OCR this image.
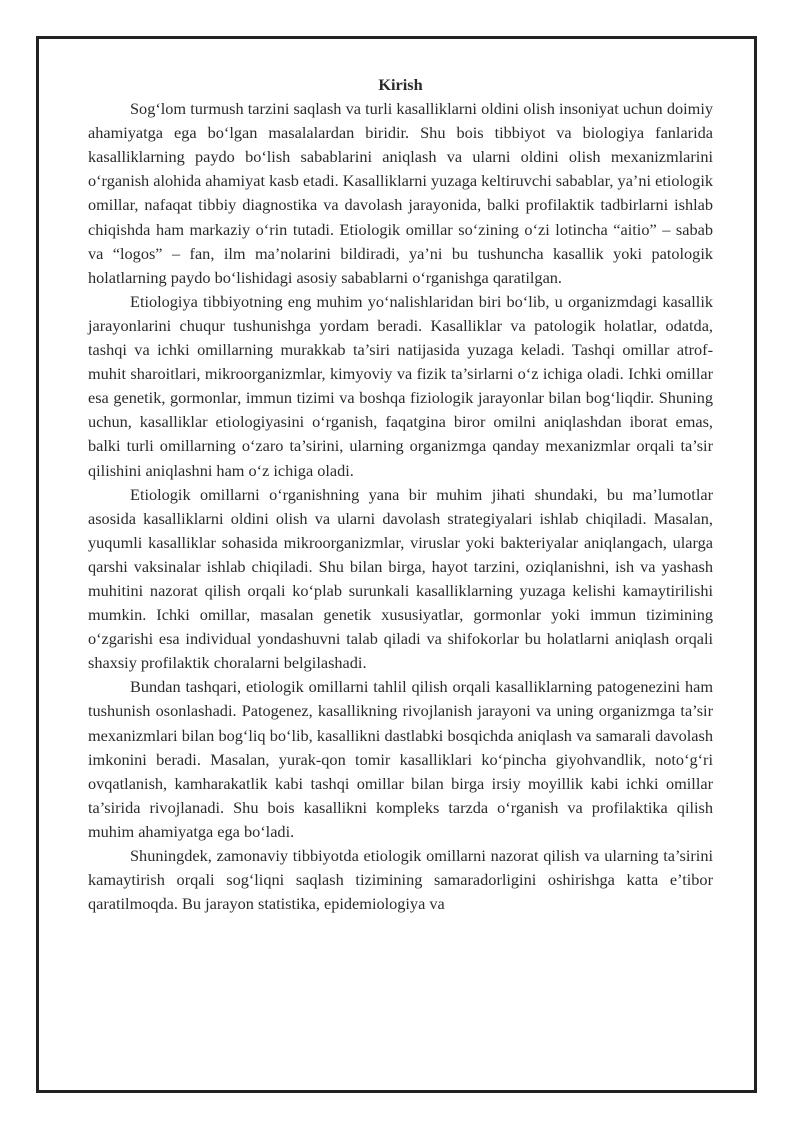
Kirish

Sog‘lom turmush tarzini saqlash va turli kasalliklarni oldini olish insoniyat uchun doimiy ahamiyatga ega bo‘lgan masalalardan biridir. Shu bois tibbiyot va biologiya fanlarida kasalliklarning paydo bo‘lish sabablarini aniqlash va ularni oldini olish mexanizmlarini o‘rganish alohida ahamiyat kasb etadi. Kasalliklarni yuzaga keltiruvchi sabablar, ya’ni etiologik omillar, nafaqat tibbiy diagnostika va davolash jarayonida, balki profilaktik tadbirlarni ishlab chiqishda ham markaziy o‘rin tutadi. Etiologik omillar so‘zining o‘zi lotincha “aitio” – sabab va “logos” – fan, ilm ma’nolarini bildiradi, ya’ni bu tushuncha kasallik yoki patologik holatlarning paydo bo‘lishidagi asosiy sabablarni o‘rganishga qaratilgan.

Etiologiya tibbiyotning eng muhim yo‘nalishlaridan biri bo‘lib, u organizmdagi kasallik jarayonlarini chuqur tushunishga yordam beradi. Kasalliklar va patologik holatlar, odatda, tashqi va ichki omillarning murakkab ta’siri natijasida yuzaga keladi. Tashqi omillar atrof-muhit sharoitlari, mikroorganizmlar, kimyoviy va fizik ta’sirlarni o‘z ichiga oladi. Ichki omillar esa genetik, gormonlar, immun tizimi va boshqa fiziologik jarayonlar bilan bog‘liqdir. Shuning uchun, kasalliklar etiologiyasini o‘rganish, faqatgina biror omilni aniqlashdan iborat emas, balki turli omillarning o‘zaro ta’sirini, ularning organizmga qanday mexanizmlar orqali ta’sir qilishini aniqlashni ham o‘z ichiga oladi.

Etiologik omillarni o‘rganishning yana bir muhim jihati shundaki, bu ma’lumotlar asosida kasalliklarni oldini olish va ularni davolash strategiyalari ishlab chiqiladi. Masalan, yuqumli kasalliklar sohasida mikroorganizmlar, viruslar yoki bakteriyalar aniqlangach, ularga qarshi vaksinalar ishlab chiqiladi. Shu bilan birga, hayot tarzini, oziqlanishni, ish va yashash muhitini nazorat qilish orqali ko‘plab surunkali kasalliklarning yuzaga kelishi kamaytirilishi mumkin. Ichki omillar, masalan genetik xususiyatlar, gormonlar yoki immun tizimining o‘zgarishi esa individual yondashuvni talab qiladi va shifokorlar bu holatlarni aniqlash orqali shaxsiy profilaktik choralarni belgilashadi.

Bundan tashqari, etiologik omillarni tahlil qilish orqali kasalliklarning patogenezini ham tushunish osonlashadi. Patogenez, kasallikning rivojlanish jarayoni va uning organizmga ta’sir mexanizmlari bilan bog‘liq bo‘lib, kasallikni dastlabki bosqichda aniqlash va samarali davolash imkonini beradi. Masalan, yurak-qon tomir kasalliklari ko‘pincha giyohvandlik, noto‘g‘ri ovqatlanish, kamharakatlik kabi tashqi omillar bilan birga irsiy moyillik kabi ichki omillar ta’sirida rivojlanadi. Shu bois kasallikni kompleks tarzda o‘rganish va profilaktika qilish muhim ahamiyatga ega bo‘ladi.

Shuningdek, zamonaviy tibbiyotda etiologik omillarni nazorat qilish va ularning ta’sirini kamaytirish orqali sog‘liqni saqlash tizimining samaradorligini oshirishga katta e’tibor qaratilmoqda. Bu jarayon statistika, epidemiologiya va
